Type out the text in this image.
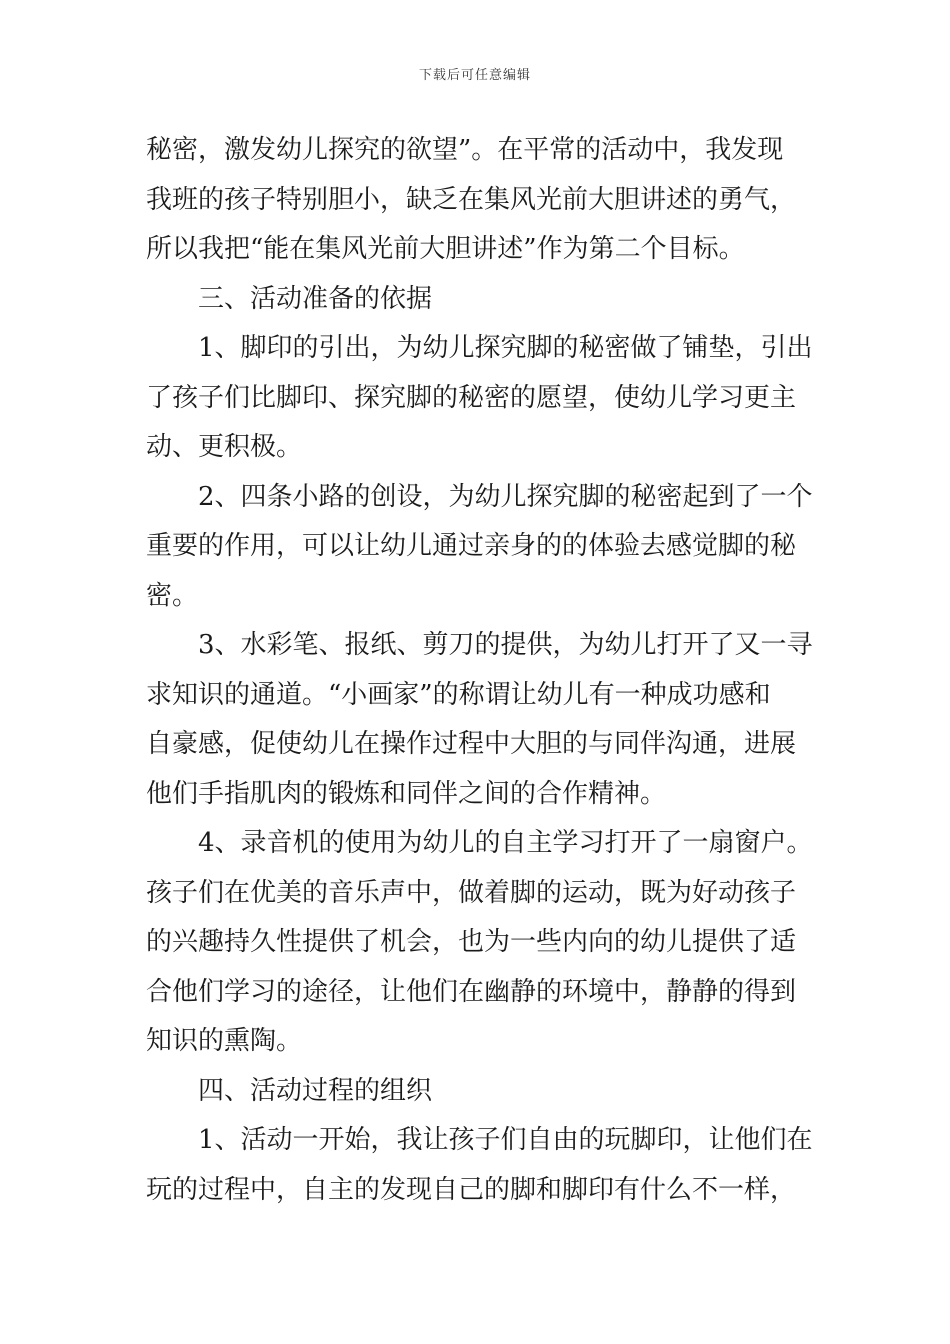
下载后可任意编辑
秘密，激发幼儿探究的欲望”。在平常的活动中，我发现
我班的孩子特别胆小，缺乏在集风光前大胆讲述的勇气，
所以我把“能在集风光前大胆讲述”作为第二个目标。
三、活动准备的依据
1、脚印的引出，为幼儿探究脚的秘密做了铺垫，引出
了孩子们比脚印、探究脚的秘密的愿望，使幼儿学习更主
动、更积极。
2、四条小路的创设，为幼儿探究脚的秘密起到了一个
重要的作用，可以让幼儿通过亲身的的体验去感觉脚的秘
密。
3、水彩笔、报纸、剪刀的提供，为幼儿打开了又一寻
求知识的通道。“小画家”的称谓让幼儿有一种成功感和
自豪感，促使幼儿在操作过程中大胆的与同伴沟通，进展
他们手指肌肉的锻炼和同伴之间的合作精神。
4、录音机的使用为幼儿的自主学习打开了一扇窗户。
孩子们在优美的音乐声中，做着脚的运动，既为好动孩子
的兴趣持久性提供了机会，也为一些内向的幼儿提供了适
合他们学习的途径，让他们在幽静的环境中，静静的得到
知识的熏陶。
四、活动过程的组织
1、活动一开始，我让孩子们自由的玩脚印，让他们在
玩的过程中，自主的发现自己的脚和脚印有什么不一样，
